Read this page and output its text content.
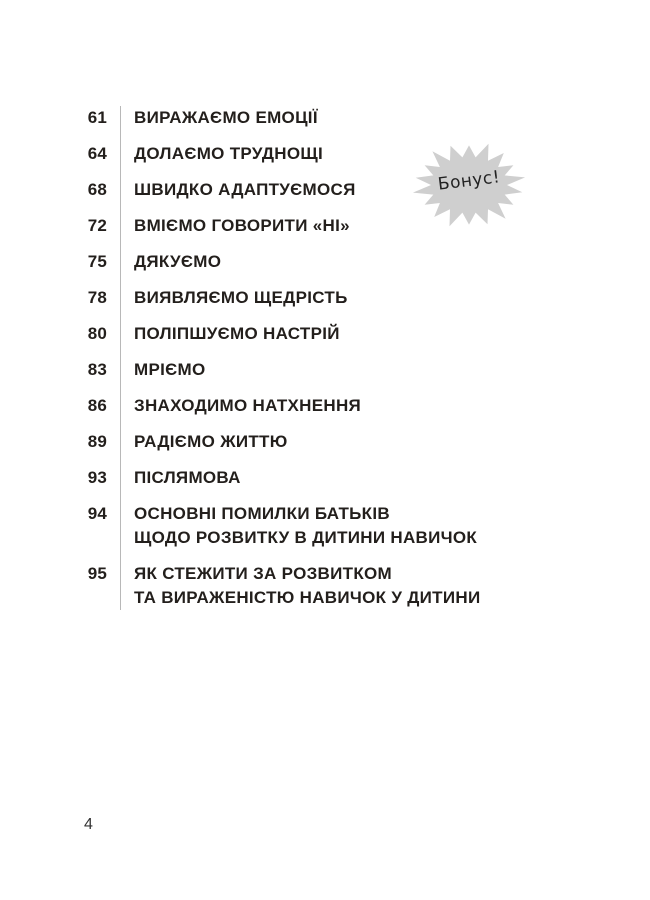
61	ВИРАЖАЄМО ЕМОЦІЇ
64	ДОЛАЄМО ТРУДНОЩІ
68	ШВИДКО АДАПТУЄМОСЯ
72	ВМІЄМО ГОВОРИТИ «НІ»
75	ДЯКУЄМО
78	ВИЯВЛЯЄМО ЩЕДРІСТЬ
80	ПОЛІПШУЄМО НАСТРІЙ
83	МРІЄМО
86	ЗНАХОДИМО НАТХНЕННЯ
89	РАДІЄМО ЖИТТЮ
93	ПІСЛЯМОВА
94	ОСНОВНІ ПОМИЛКИ БАТЬКІВ
ЩОДО РОЗВИТКУ В ДИТИНИ НАВИЧОК
95	ЯК СТЕЖИТИ ЗА РОЗВИТКОМ
ТА ВИРАЖЕНІСТЮ НАВИЧОК У ДИТИНИ
Бонус!
4
